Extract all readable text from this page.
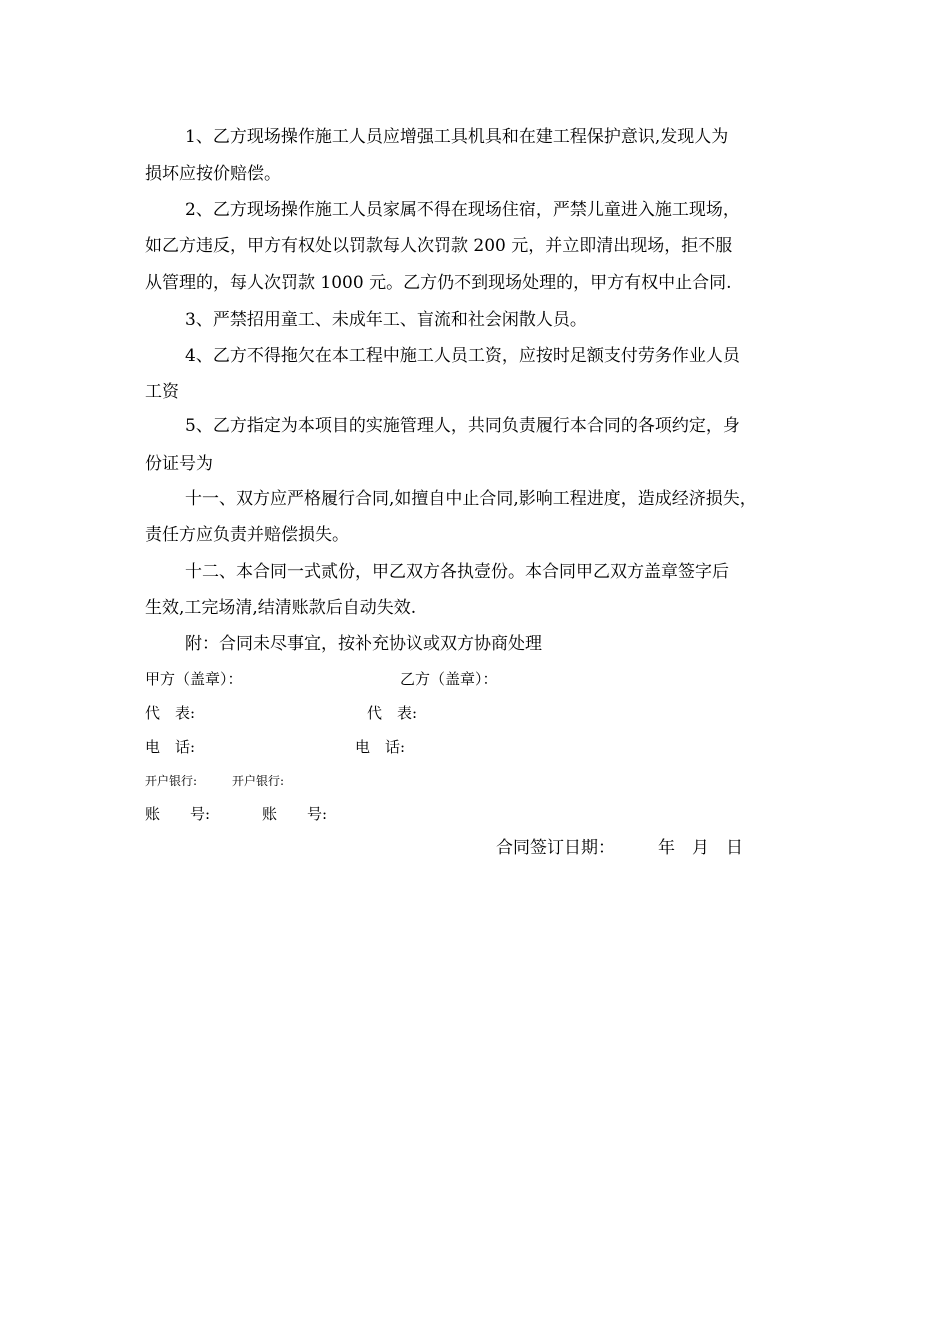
1、乙方现场操作施工人员应增强工具机具和在建工程保护意识,发现人为
损坏应按价赔偿。
2、乙方现场操作施工人员家属不得在现场住宿，严禁儿童进入施工现场，
如乙方违反，甲方有权处以罚款每人次罚款 200 元，并立即清出现场，拒不服
从管理的，每人次罚款 1000 元。乙方仍不到现场处理的，甲方有权中止合同.
3、严禁招用童工、未成年工、盲流和社会闲散人员。
4、乙方不得拖欠在本工程中施工人员工资，应按时足额支付劳务作业人员
工资
5、乙方指定为本项目的实施管理人，共同负责履行本合同的各项约定，身
份证号为
十一、双方应严格履行合同,如擅自中止合同,影响工程进度，造成经济损失，
责任方应负责并赔偿损失。
十二、本合同一式贰份，甲乙双方各执壹份。本合同甲乙双方盖章签字后
生效,工完场清,结清账款后自动失效.
附：合同未尽事宜，按补充协议或双方协商处理
甲方（盖章）：	乙方（盖章）：
代　表:	代　表:
电　话:	电　话:
开户银行:	开户银行:
账　　号:	账　　号:
合同签订日期：	年　月　日
